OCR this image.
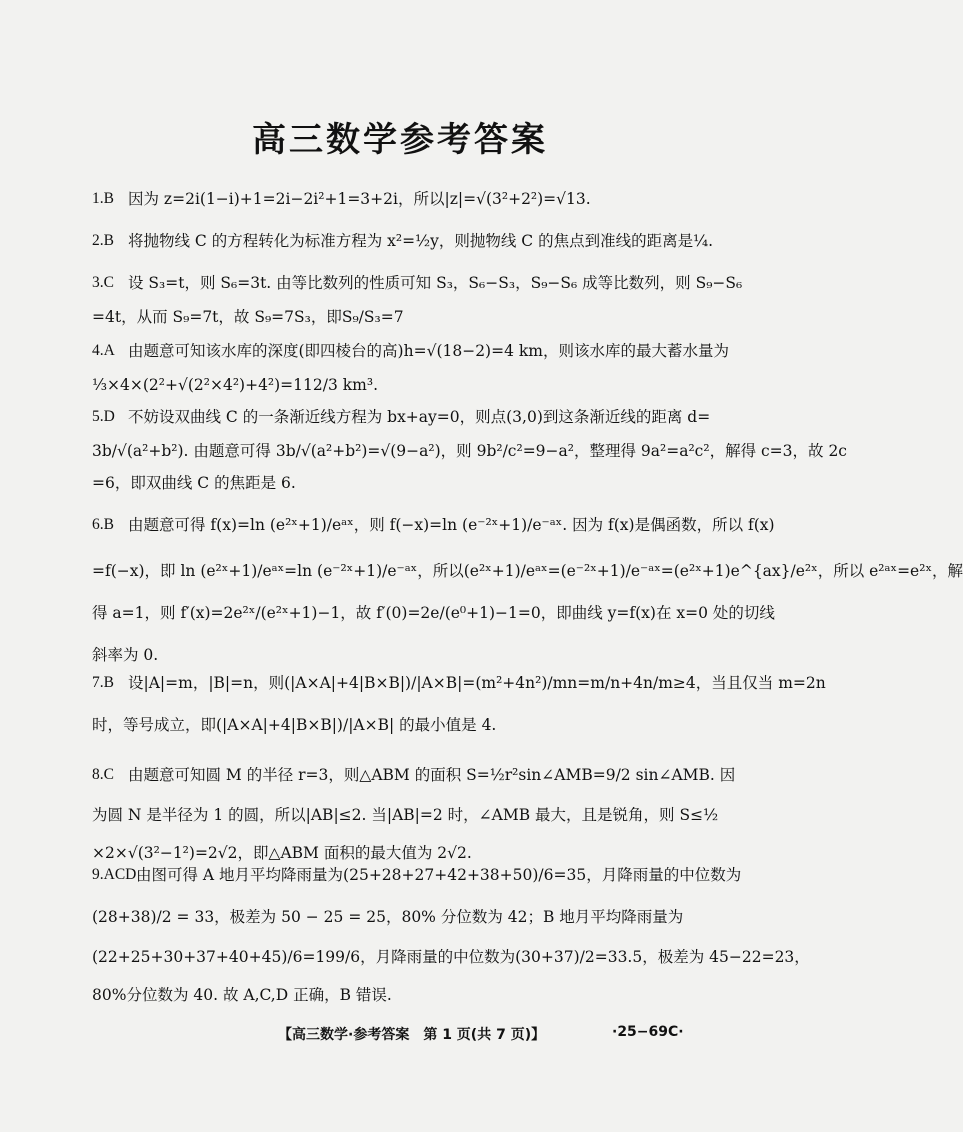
高三数学参考答案
1.B 因为 z=2i(1−i)+1=2i−2i²+1=3+2i，所以|z|=√(3²+2²)=√13.
2.B 将抛物线 C 的方程转化为标准方程为 x²=½y，则抛物线 C 的焦点到准线的距离是¼.
3.C 设 S₃=t，则 S₆=3t. 由等比数列的性质可知 S₃，S₆−S₃，S₉−S₆ 成等比数列，则 S₉−S₆
=4t，从而 S₉=7t，故 S₉=7S₃，即S₉/S₃=7
4.A 由题意可知该水库的深度(即四棱台的高)h=√(18−2)=4 km，则该水库的最大蓄水量为
⅓×4×(2²+√(2²×4²)+4²)=112/3 km³.
5.D 不妨设双曲线 C 的一条渐近线方程为 bx+ay=0，则点(3,0)到这条渐近线的距离 d=
3b/√(a²+b²). 由题意可得 3b/√(a²+b²)=√(9−a²)，则 9b²/c²=9−a²，整理得 9a²=a²c²，解得 c=3，故 2c
=6，即双曲线 C 的焦距是 6.
6.B 由题意可得 f(x)=ln (e²ˣ+1)/eᵃˣ，则 f(−x)=ln (e⁻²ˣ+1)/e⁻ᵃˣ. 因为 f(x)是偶函数，所以 f(x)
=f(−x)，即 ln (e²ˣ+1)/eᵃˣ=ln (e⁻²ˣ+1)/e⁻ᵃˣ，所以(e²ˣ+1)/eᵃˣ=(e⁻²ˣ+1)/e⁻ᵃˣ=(e²ˣ+1)e^{ax}/e²ˣ，所以 e²ᵃˣ=e²ˣ，解
得 a=1，则 f′(x)=2e²ˣ/(e²ˣ+1)−1，故 f′(0)=2e/(e⁰+1)−1=0，即曲线 y=f(x)在 x=0 处的切线
斜率为 0.
7.B 设|A|=m，|B|=n，则(|A×A|+4|B×B|)/|A×B|=(m²+4n²)/mn=m/n+4n/m≥4，当且仅当 m=2n
时，等号成立，即(|A×A|+4|B×B|)/|A×B| 的最小值是 4.
8.C 由题意可知圆 M 的半径 r=3，则△ABM 的面积 S=½r²sin∠AMB=9/2 sin∠AMB. 因
为圆 N 是半径为 1 的圆，所以|AB|≤2. 当|AB|=2 时，∠AMB 最大，且是锐角，则 S≤½
×2×√(3²−1²)=2√2，即△ABM 面积的最大值为 2√2.
9.ACD 由图可得 A 地月平均降雨量为(25+28+27+42+38+50)/6=35，月降雨量的中位数为
(28+38)/2 = 33，极差为 50 − 25 = 25，80% 分位数为 42；B 地月平均降雨量为
(22+25+30+37+40+45)/6=199/6，月降雨量的中位数为(30+37)/2=33.5，极差为 45−22=23，
80%分位数为 40. 故 A,C,D 正确，B 错误.
【高三数学·参考答案　第 1 页(共 7 页)】	·25−69C·
